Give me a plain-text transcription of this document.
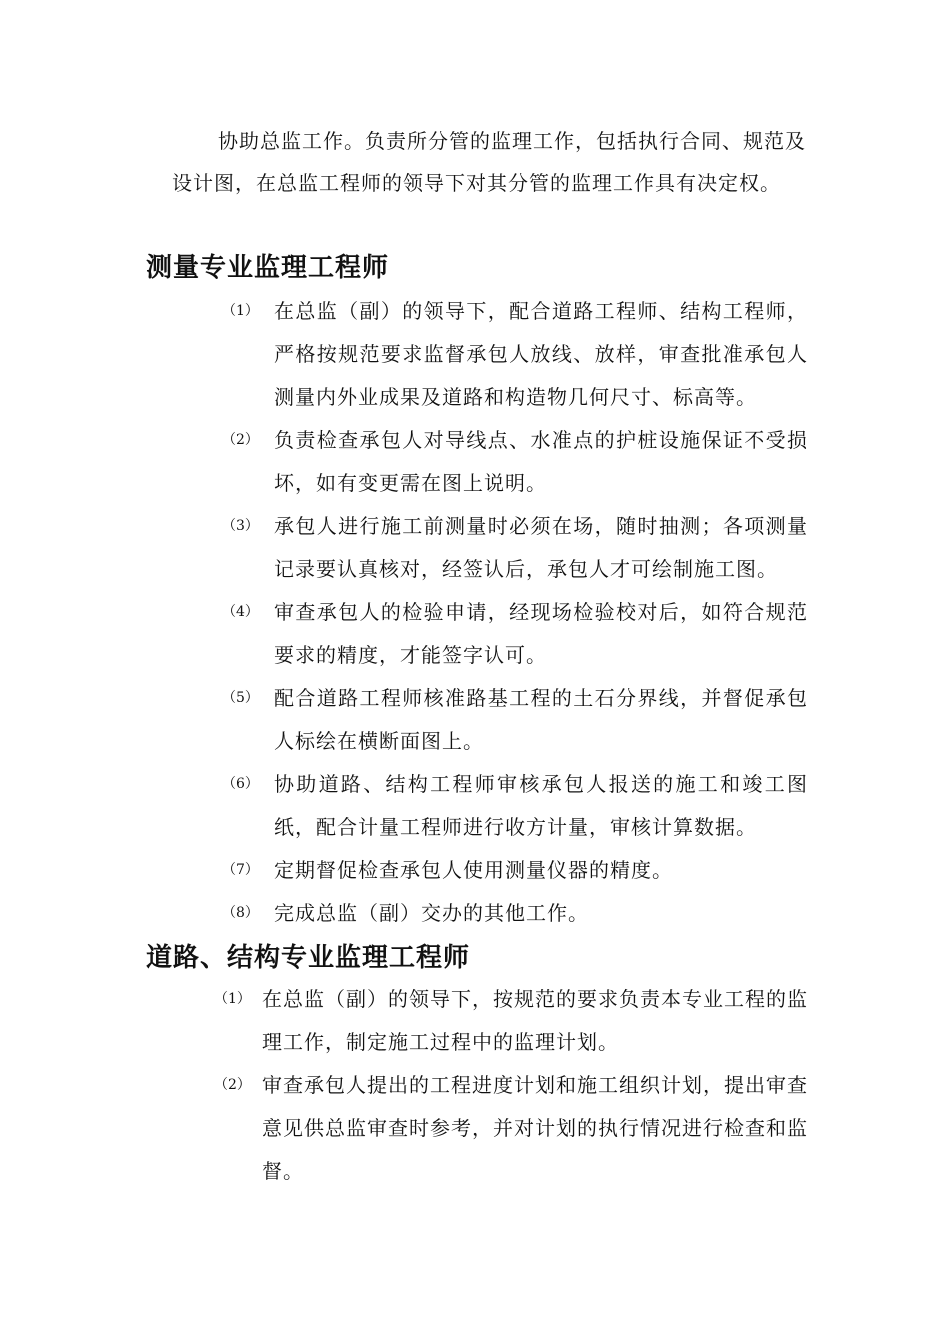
协助总监工作。负责所分管的监理工作，包括执行合同、规范及设计图，在总监工程师的领导下对其分管的监理工作具有决定权。

测量专业监理工程师
（1） 在总监（副）的领导下，配合道路工程师、结构工程师，严格按规范要求监督承包人放线、放样，审查批准承包人测量内外业成果及道路和构造物几何尺寸、标高等。
（2） 负责检查承包人对导线点、水准点的护桩设施保证不受损坏，如有变更需在图上说明。
（3） 承包人进行施工前测量时必须在场，随时抽测；各项测量记录要认真核对，经签认后，承包人才可绘制施工图。
（4） 审查承包人的检验申请，经现场检验校对后，如符合规范要求的精度，才能签字认可。
（5） 配合道路工程师核准路基工程的土石分界线，并督促承包人标绘在横断面图上。
（6） 协助道路、结构工程师审核承包人报送的施工和竣工图纸，配合计量工程师进行收方计量，审核计算数据。
（7） 定期督促检查承包人使用测量仪器的精度。
（8） 完成总监（副）交办的其他工作。
道路、结构专业监理工程师
（1） 在总监（副）的领导下，按规范的要求负责本专业工程的监理工作，制定施工过程中的监理计划。
（2） 审查承包人提出的工程进度计划和施工组织计划，提出审查意见供总监审查时参考，并对计划的执行情况进行检查和监督。
